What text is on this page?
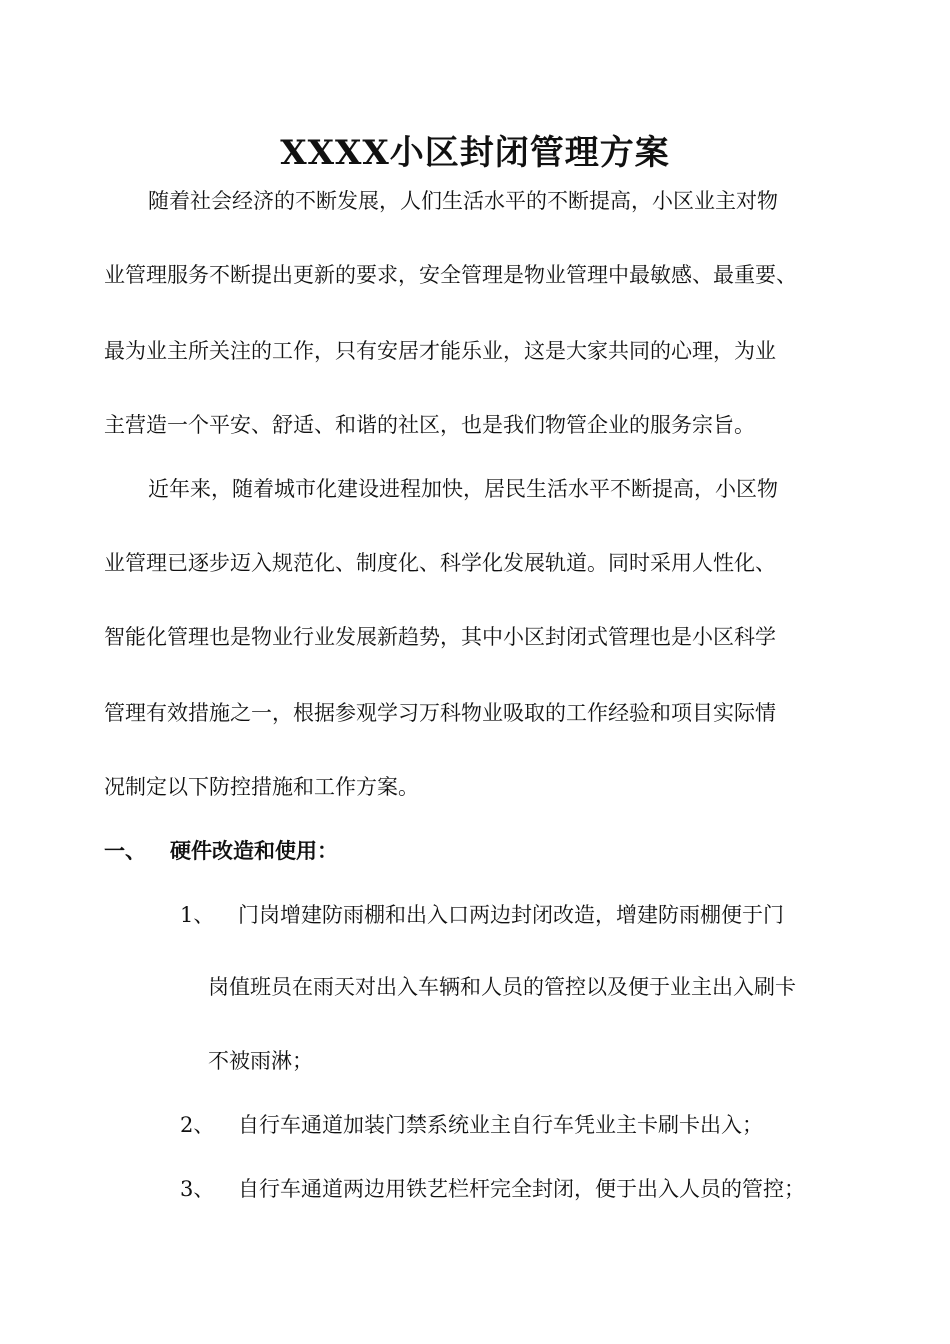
XXXX小区封闭管理方案
随着社会经济的不断发展，人们生活水平的不断提高，小区业主对物
业管理服务不断提出更新的要求，安全管理是物业管理中最敏感、最重要、
最为业主所关注的工作，只有安居才能乐业，这是大家共同的心理，为业
主营造一个平安、舒适、和谐的社区，也是我们物管企业的服务宗旨。
近年来，随着城市化建设进程加快，居民生活水平不断提高，小区物
业管理已逐步迈入规范化、制度化、科学化发展轨道。同时采用人性化、
智能化管理也是物业行业发展新趋势，其中小区封闭式管理也是小区科学
管理有效措施之一，根据参观学习万科物业吸取的工作经验和项目实际情
况制定以下防控措施和工作方案。
一、 硬件改造和使用：
1、 门岗增建防雨棚和出入口两边封闭改造，增建防雨棚便于门
岗值班员在雨天对出入车辆和人员的管控以及便于业主出入刷卡
不被雨淋；
2、 自行车通道加装门禁系统业主自行车凭业主卡刷卡出入；
3、 自行车通道两边用铁艺栏杆完全封闭，便于出入人员的管控；
